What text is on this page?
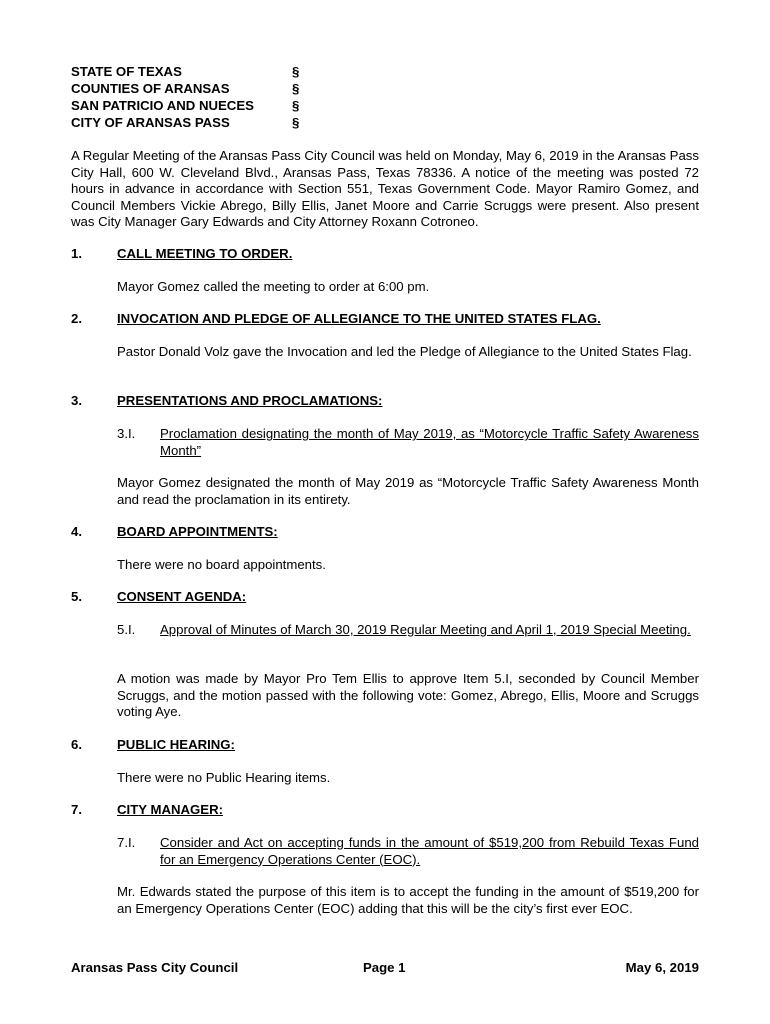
STATE OF TEXAS	§
COUNTIES OF ARANSAS	§
SAN PATRICIO AND NUECES	§
CITY OF ARANSAS PASS	§
A Regular Meeting of the Aransas Pass City Council was held on Monday, May 6, 2019 in the Aransas Pass City Hall, 600 W. Cleveland Blvd., Aransas Pass, Texas 78336. A notice of the meeting was posted 72 hours in advance in accordance with Section 551, Texas Government Code. Mayor Ramiro Gomez, and Council Members Vickie Abrego, Billy Ellis, Janet Moore and Carrie Scruggs were present. Also present was City Manager Gary Edwards and City Attorney Roxann Cotroneo.
1.	CALL MEETING TO ORDER.
Mayor Gomez called the meeting to order at 6:00 pm.
2.	INVOCATION AND PLEDGE OF ALLEGIANCE TO THE UNITED STATES FLAG.
Pastor Donald Volz gave the Invocation and led the Pledge of Allegiance to the United States Flag.
3.	PRESENTATIONS AND PROCLAMATIONS:
3.I.	Proclamation designating the month of May 2019, as “Motorcycle Traffic Safety Awareness Month”
Mayor Gomez designated the month of May 2019 as “Motorcycle Traffic Safety Awareness Month and read the proclamation in its entirety.
4.	BOARD APPOINTMENTS:
There were no board appointments.
5.	CONSENT AGENDA:
5.I.	Approval of Minutes of March 30, 2019 Regular Meeting and April 1, 2019 Special Meeting.
A motion was made by Mayor Pro Tem Ellis to approve Item 5.I, seconded by Council Member Scruggs, and the motion passed with the following vote: Gomez, Abrego, Ellis, Moore and Scruggs voting Aye.
6.	PUBLIC HEARING:
There were no Public Hearing items.
7.	CITY MANAGER:
7.I.	Consider and Act on accepting funds in the amount of $519,200 from Rebuild Texas Fund for an Emergency Operations Center (EOC).
Mr. Edwards stated the purpose of this item is to accept the funding in the amount of $519,200 for an Emergency Operations Center (EOC) adding that this will be the city’s first ever EOC.
Aransas Pass City Council	Page 1	May 6, 2019
